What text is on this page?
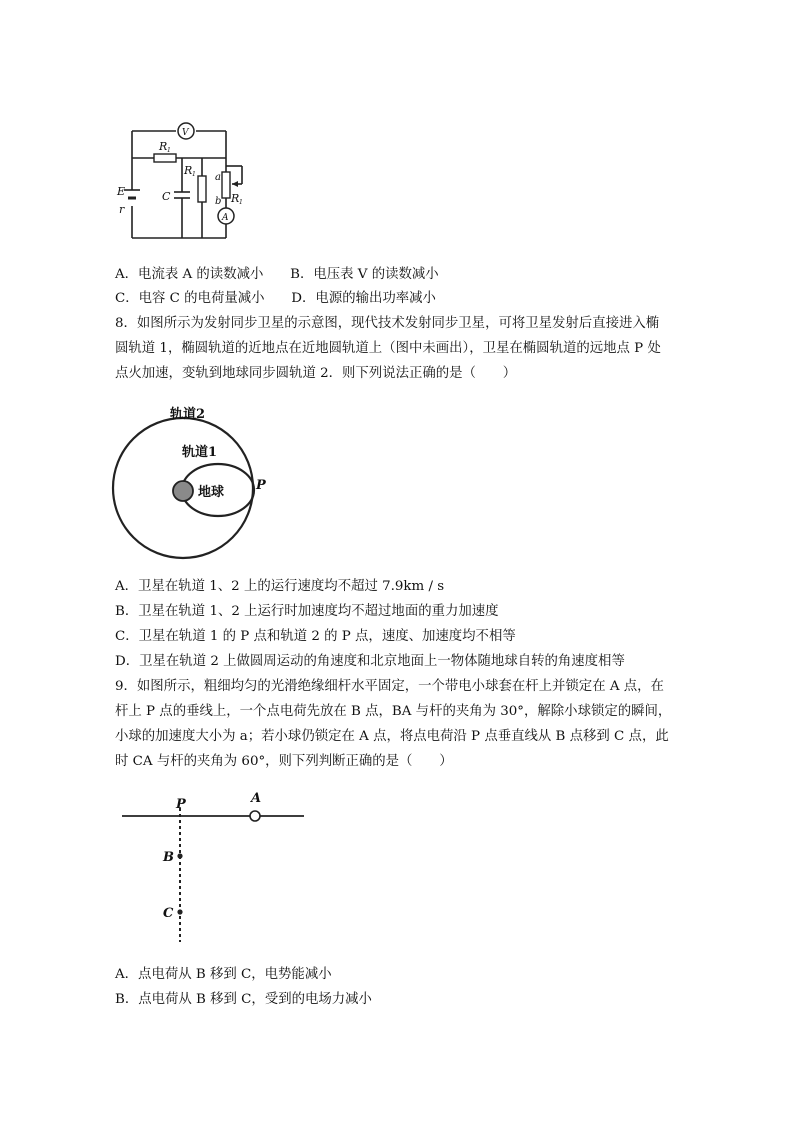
V
A
E
r
R 1
R 1
C
a
b R 1
A．电流表 A 的读数减小　　B．电压表 V 的读数减小
C．电容 C 的电荷量减小　　D．电源的输出功率减小
8．如图所示为发射同步卫星的示意图，现代技术发射同步卫星，可将卫星发射后直接进入椭
圆轨道 1，椭圆轨道的近地点在近地圆轨道上（图中未画出），卫星在椭圆轨道的远地点 P 处
点火加速，变轨到地球同步圆轨道 2．则下列说法正确的是（　　）
轨道2
轨道1
地球 P
A．卫星在轨道 1、2 上的运行速度均不超过 7.9km / s
B．卫星在轨道 1、2 上运行时加速度均不超过地面的重力加速度
C．卫星在轨道 1 的 P 点和轨道 2 的 P 点，速度、加速度均不相等
D．卫星在轨道 2 上做圆周运动的角速度和北京地面上一物体随地球自转的角速度相等
9．如图所示，粗细均匀的光滑绝缘细杆水平固定，一个带电小球套在杆上并锁定在 A 点，在
杆上 P 点的垂线上，一个点电荷先放在 B 点，BA 与杆的夹角为 30°，解除小球锁定的瞬间，
小球的加速度大小为 a；若小球仍锁定在 A 点，将点电荷沿 P 点垂直线从 B 点移到 C 点，此
时 CA 与杆的夹角为 60°，则下列判断正确的是（　　）
P	A
B
C
A．点电荷从 B 移到 C，电势能减小
B．点电荷从 B 移到 C，受到的电场力减小
